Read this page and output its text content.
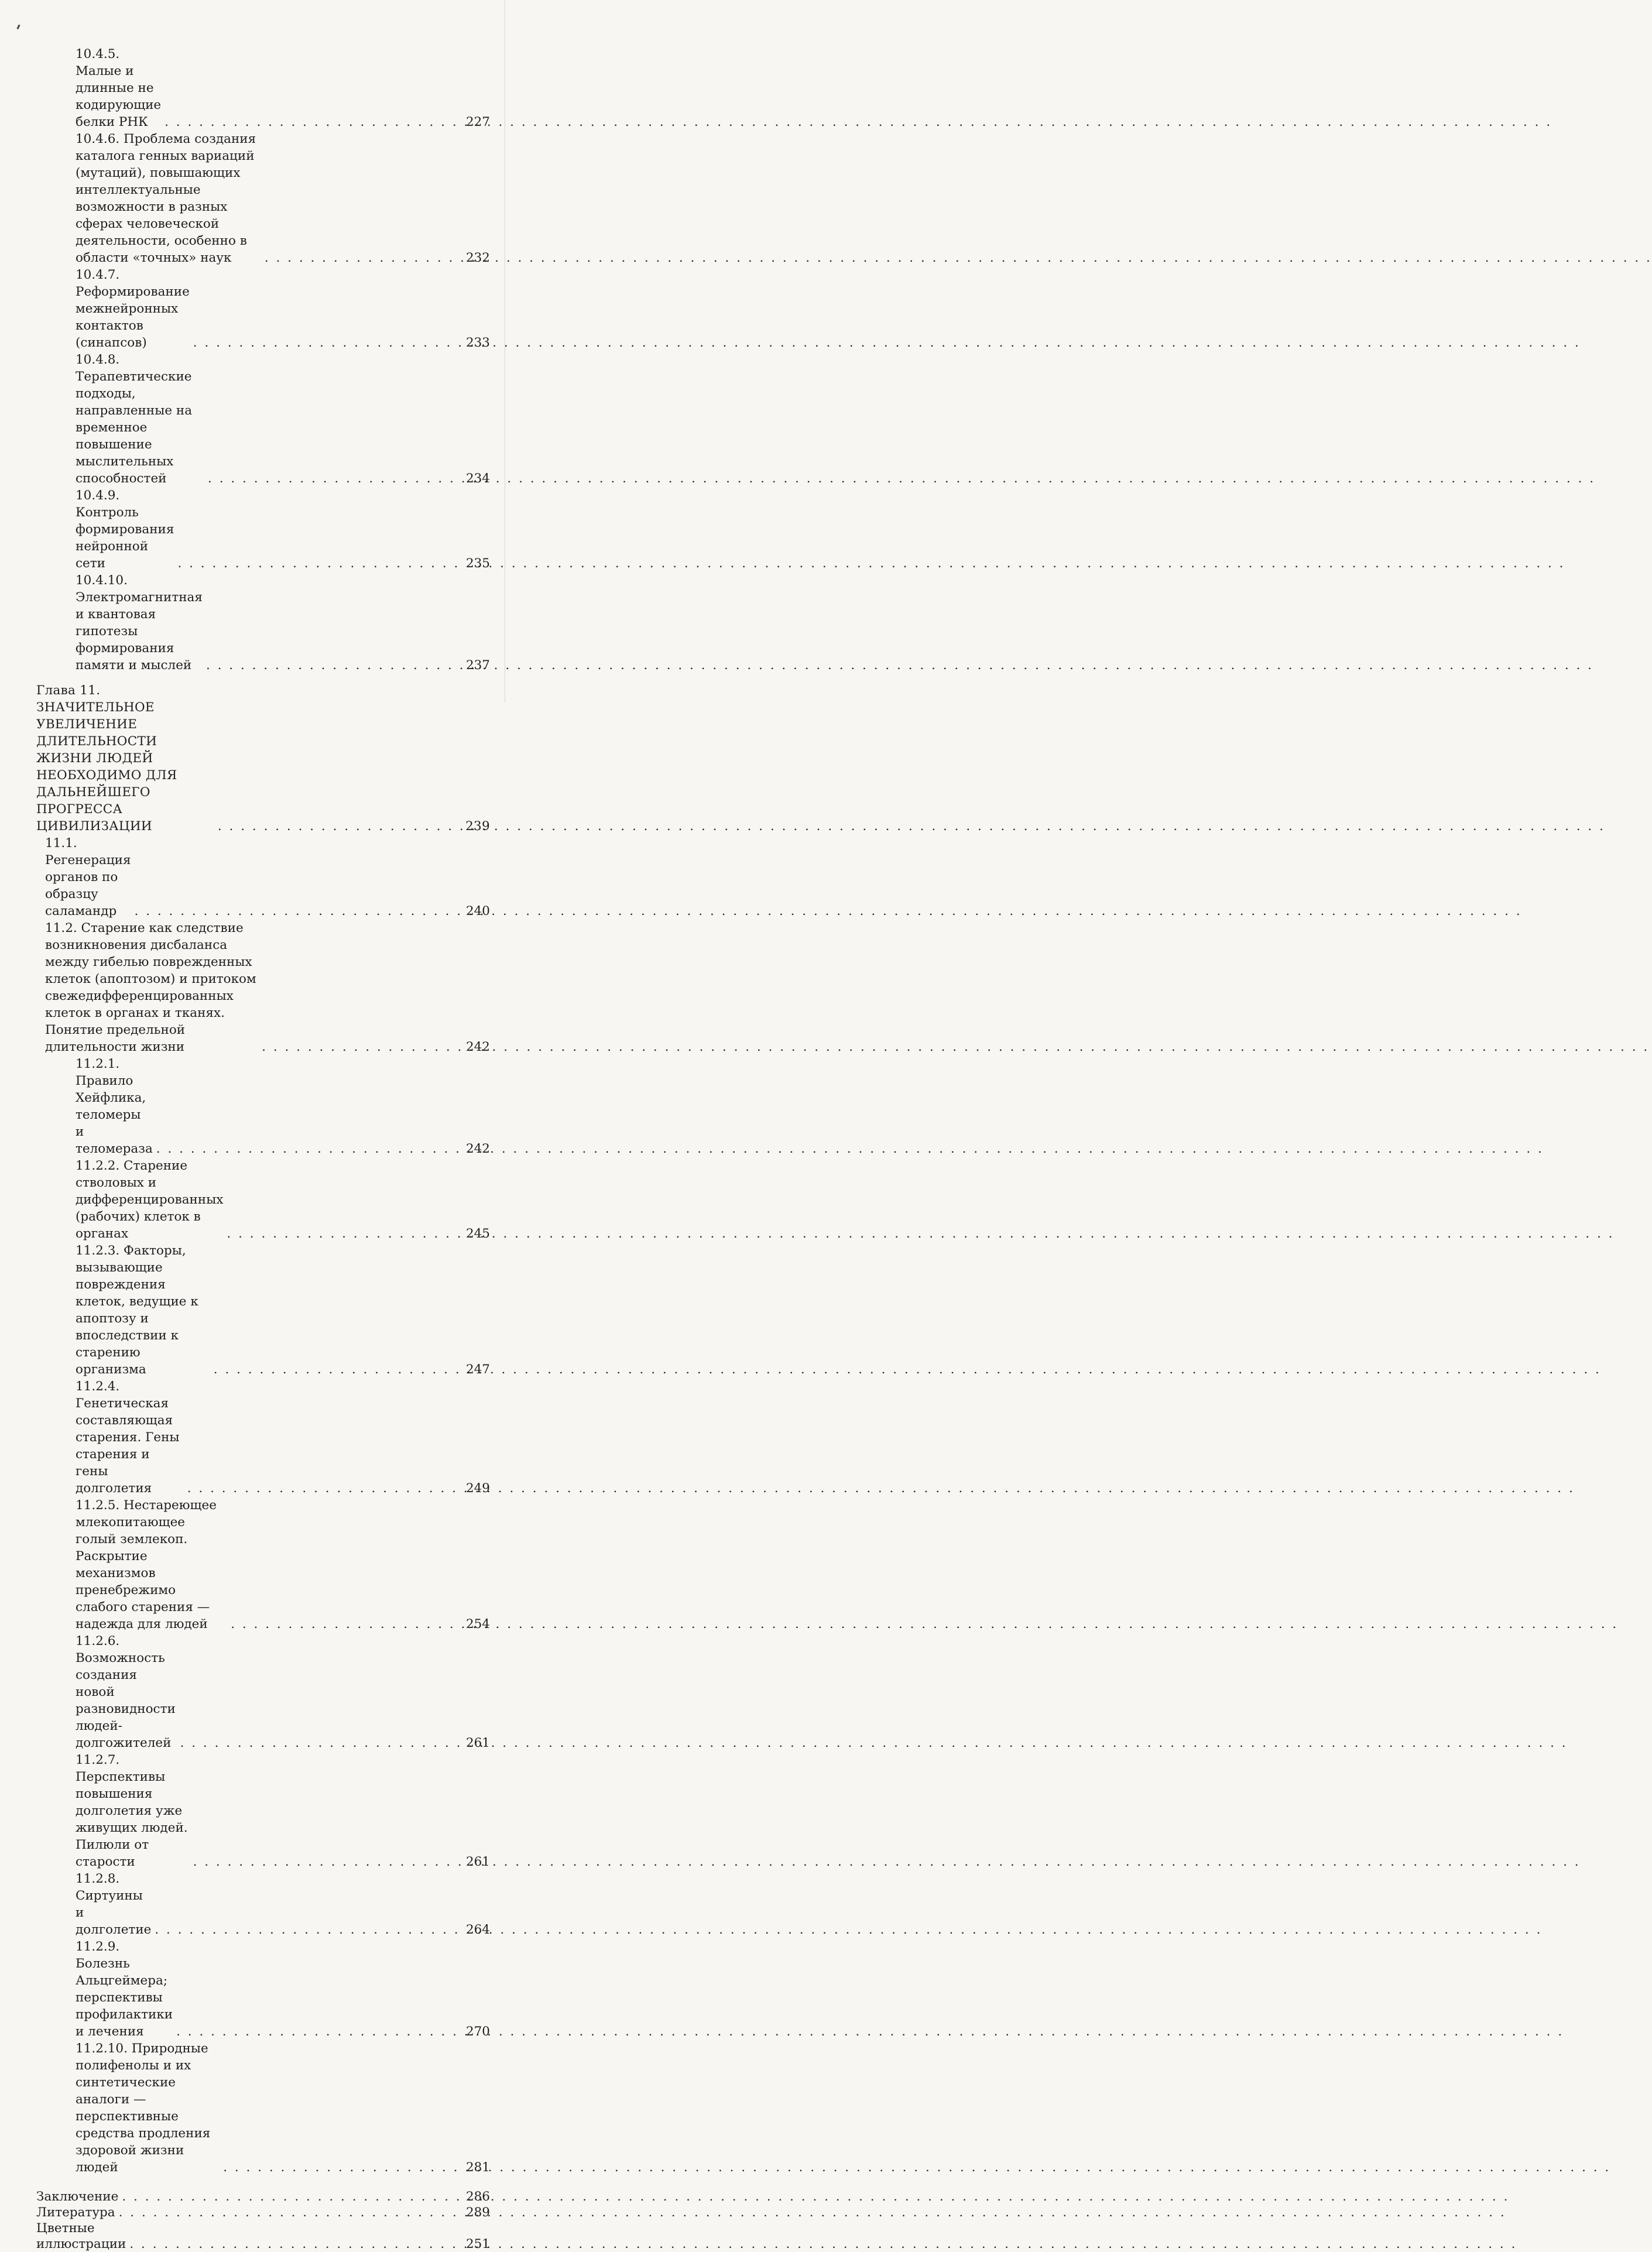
10.4.5. Малые и длинные не кодирующие белки РНК . . .	227
10.4.6. Проблема создания каталога генных вариаций (мутаций), повышающих интеллектуальные возможности в разных сферах человеческой деятельности, особенно в области «точных» наук . . .	232
10.4.7. Реформирование межнейронных контактов (синапсов) . . .	233
10.4.8. Терапевтические подходы, направленные на временное повышение мыслительных способностей . . .	234
10.4.9. Контроль формирования нейронной сети . . .	235
10.4.10. Электромагнитная и квантовая гипотезы формирования памяти и мыслей . . .	237
Глава 11. ЗНАЧИТЕЛЬНОЕ УВЕЛИЧЕНИЕ ДЛИТЕЛЬНОСТИ ЖИЗНИ ЛЮДЕЙ НЕОБХОДИМО ДЛЯ ДАЛЬНЕЙШЕГО ПРОГРЕССА ЦИВИЛИЗАЦИИ . . .	239
11.1. Регенерация органов по образцу саламандр . . .	240
11.2. Старение как следствие возникновения дисбаланса между гибелью поврежденных клеток (апоптозом) и притоком свежедифференцированных клеток в органах и тканях. Понятие предельной длительности жизни . . .	242
11.2.1. Правило Хейфлика, теломеры и теломераза . . .	242
11.2.2. Старение стволовых и дифференцированных (рабочих) клеток в органах . . .	245
11.2.3. Факторы, вызывающие повреждения клеток, ведущие к апоптозу и впоследствии к старению организма . . .	247
11.2.4. Генетическая составляющая старения. Гены старения и гены долголетия . . .	249
11.2.5. Нестареющее млекопитающее голый землекоп. Раскрытие механизмов пренебрежимо слабого старения — надежда для людей . . .	254
11.2.6. Возможность создания новой разновидности людей-долгожителей . . .	261
11.2.7. Перспективы повышения долголетия уже живущих людей. Пилюли от старости . . .	261
11.2.8. Сиртуины и долголетие . . .	264
11.2.9. Болезнь Альцгеймера; перспективы профилактики и лечения . . .	270
11.2.10. Природные полифенолы и их синтетические аналоги — перспективные средства продления здоровой жизни людей . . .	281
Заключение . . .	286
Литература . . .	289
Цветные иллюстрации . . .	251
